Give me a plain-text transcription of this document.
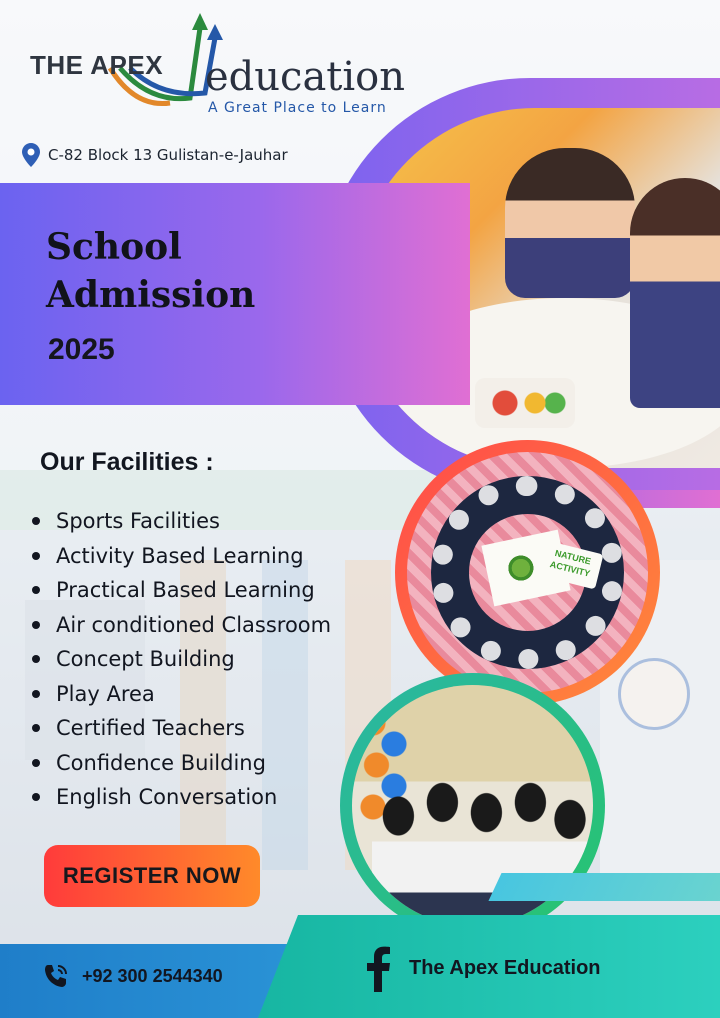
THE APEX education
A Great Place to Learn
C-82 Block 13 Gulistan-e-Jauhar
School
Admission
2025
NATURE ACTIVITY
Our Facilities :
Sports Facilities
Activity Based Learning
Practical Based Learning
Air conditioned Classroom
Concept Building
Play Area
Certified Teachers
Confidence Building
English Conversation
REGISTER NOW
+92 300 2544340	The Apex Education
